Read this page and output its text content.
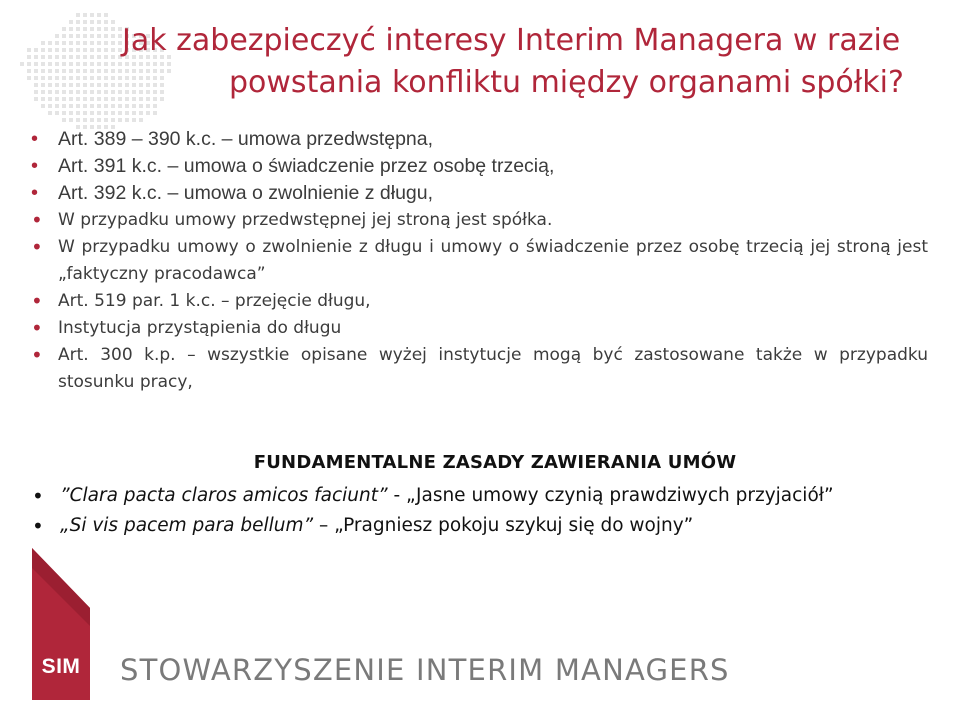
Jak zabezpieczyć interesy Interim Managera w razie
powstania konfliktu między organami spółki?
• Art. 389 – 390 k.c. – umowa przedwstępna,
• Art. 391 k.c. – umowa o świadczenie przez osobę trzecią,
• Art. 392 k.c. – umowa o zwolnienie z długu,
• W przypadku umowy przedwstępnej jej stroną jest spółka.
• W przypadku umowy o zwolnienie z długu i umowy o świadczenie przez osobę trzecią jej stroną jest „faktyczny pracodawca”
• Art. 519 par. 1 k.c. – przejęcie długu,
• Instytucja przystąpienia do długu
• Art. 300 k.p. – wszystkie opisane wyżej instytucje mogą być zastosowane także w przypadku stosunku pracy,
FUNDAMENTALNE ZASADY ZAWIERANIA UMÓW
• ”Clara pacta claros amicos faciunt” - „Jasne umowy czynią prawdziwych przyjaciół”
• „Si vis pacem para bellum” – „Pragniesz pokoju szykuj się do wojny”
SIM STOWARZYSZENIE INTERIM MANAGERS
